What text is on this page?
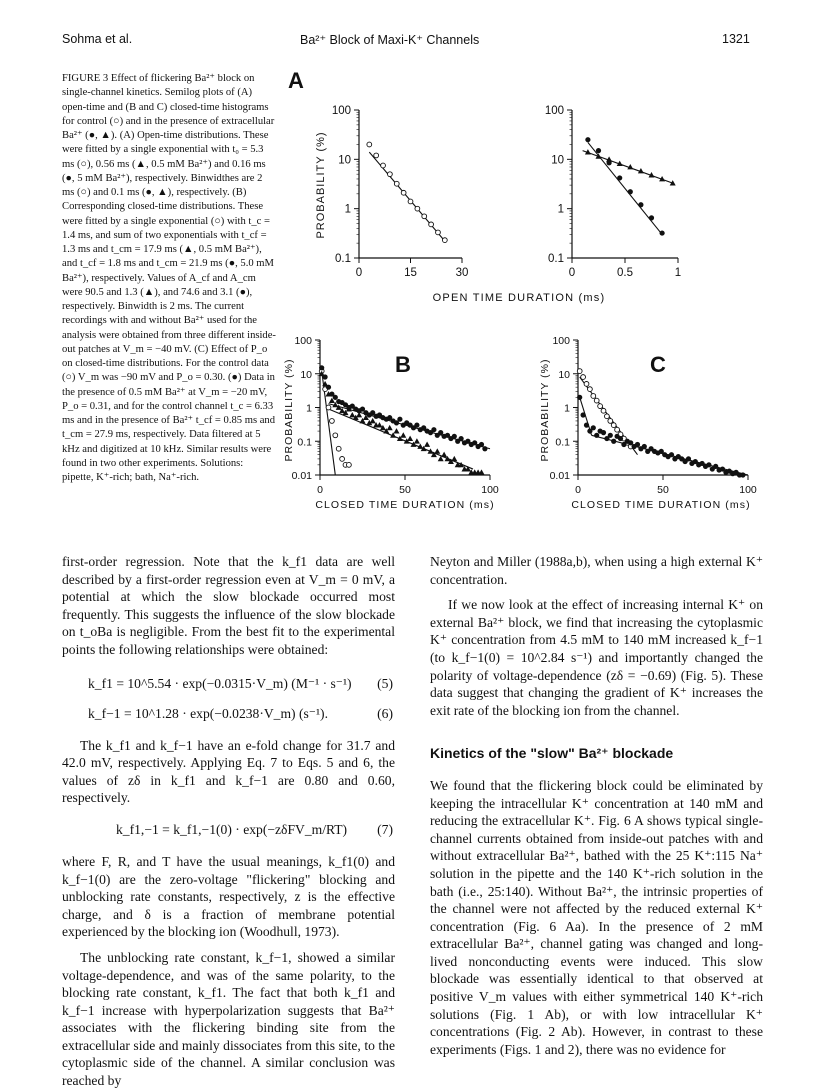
Sohma et al.	Ba²⁺ Block of Maxi-K⁺ Channels	1321

FIGURE 3 Effect of flickering Ba²⁺ block on single-channel kinetics. Semilog plots of (A) open-time and (B and C) closed-time histograms for control (○) and in the presence of extracellular Ba²⁺ (●, ▲). (A) Open-time distributions. These were fitted by a single exponential with t₀ = 5.3 ms (○), 0.56 ms (▲, 0.5 mM Ba²⁺) and 0.16 ms (●, 5 mM Ba²⁺), respectively. Binwidthes are 2 ms (○) and 0.1 ms (●, ▲), respectively. (B) Corresponding closed-time distributions. These were fitted by a single exponential (○) with t_c = 1.4 ms, and sum of two exponentials with t_cf = 1.3 ms and t_cm = 17.9 ms (▲, 0.5 mM Ba²⁺), and t_cf = 1.8 ms and t_cm = 21.9 ms (●, 5.0 mM Ba²⁺), respectively. Values of A_cf and A_cm were 90.5 and 1.3 (▲), and 74.6 and 3.1 (●), respectively. Binwidth is 2 ms. The current recordings with and without Ba²⁺ used for the analysis were obtained from three different inside-out patches at V_m = −40 mV. (C) Effect of P_o on closed-time distributions. For the control data (○) V_m was −90 mV and P_o = 0.30. (●) Data in the presence of 0.5 mM Ba²⁺ at V_m = −20 mV, P_o = 0.31, and for the control channel t_c = 6.33 ms and in the presence of Ba²⁺ t_cf = 0.85 ms and t_cm = 27.9 ms, respectively. Data filtered at 5 kHz and digitized at 10 kHz. Similar results were found in two other experiments. Solutions: pipette, K⁺-rich; bath, Na⁺-rich.

A
B	C
PROBABILITY (%)
PROBABILITY (%)	PROBABILITY (%)
OPEN TIME DURATION (ms)
CLOSED TIME DURATION (ms)	CLOSED TIME DURATION (ms)
100
10
1
0.1
0	15	30
100
10
1
0.1
0	0.5	1
100
10
1
0.1
0.01
0	50	100
100
10
1
0.1
0.01
0	50	100

first-order regression. Note that the k_f1 data are well described by a first-order regression even at V_m = 0 mV, a potential at which the slow blockade occurred most frequently. This suggests the influence of the slow blockade on t_oBa is negligible. From the best fit to the experimental points the following relationships were obtained:

k_f1 = 10^5.54 · exp(−0.0315·V_m) (M⁻¹ · s⁻¹) (5)
k_f−1 = 10^1.28 · exp(−0.0238·V_m) (s⁻¹).	(6)

The k_f1 and k_f−1 have an e-fold change for 31.7 and 42.0 mV, respectively. Applying Eq. 7 to Eqs. 5 and 6, the values of zδ in k_f1 and k_f−1 are 0.80 and 0.60, respectively.

k_f1,−1 = k_f1,−1(0) · exp(−zδFV_m/RT) (7)

where F, R, and T have the usual meanings, k_f1(0) and k_f−1(0) are the zero-voltage "flickering" blocking and unblocking rate constants, respectively, z is the effective charge, and δ is a fraction of membrane potential experienced by the blocking ion (Woodhull, 1973).

The unblocking rate constant, k_f−1, showed a similar voltage-dependence, and was of the same polarity, to the blocking rate constant, k_f1. The fact that both k_f1 and k_f−1 increase with hyperpolarization suggests that Ba²⁺ associates with the flickering binding site from the extracellular side and mainly dissociates from this site, to the cytoplasmic side of the channel. A similar conclusion was reached by

Neyton and Miller (1988a,b), when using a high external K⁺ concentration.

If we now look at the effect of increasing internal K⁺ on external Ba²⁺ block, we find that increasing the cytoplasmic K⁺ concentration from 4.5 mM to 140 mM increased k_f−1 (to k_f−1(0) = 10^2.84 s⁻¹) and importantly changed the polarity of voltage-dependence (zδ = −0.69) (Fig. 5). These data suggest that changing the gradient of K⁺ increases the exit rate of the blocking ion from the channel.

Kinetics of the "slow" Ba²⁺ blockade

We found that the flickering block could be eliminated by keeping the intracellular K⁺ concentration at 140 mM and reducing the extracellular K⁺. Fig. 6 A shows typical single-channel currents obtained from inside-out patches with and without extracellular Ba²⁺, bathed with the 25 K⁺:115 Na⁺ solution in the pipette and the 140 K⁺-rich solution in the bath (i.e., 25:140). Without Ba²⁺, the intrinsic properties of the channel were not affected by the reduced external K⁺ concentration (Fig. 6 Aa). In the presence of 2 mM extracellular Ba²⁺, channel gating was changed and long-lived nonconducting events were induced. This slow blockade was essentially identical to that observed at positive V_m values with either symmetrical 140 K⁺-rich solutions (Fig. 1 Ab), or with low intracellular K⁺ concentrations (Fig. 2 Ab). However, in contrast to these experiments (Figs. 1 and 2), there was no evidence for
